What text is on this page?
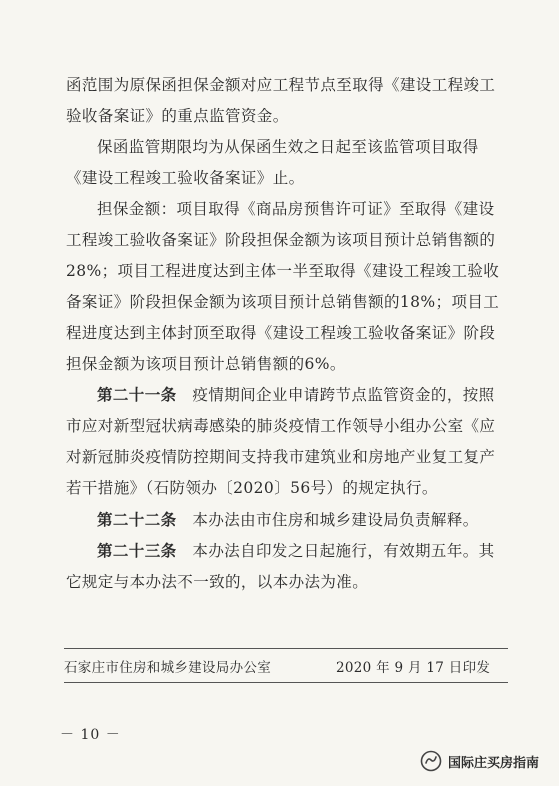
函范围为原保函担保金额对应工程节点至取得《建设工程竣工验收备案证》的重点监管资金。

保函监管期限均为从保函生效之日起至该监管项目取得《建设工程竣工验收备案证》止。

担保金额：项目取得《商品房预售许可证》至取得《建设工程竣工验收备案证》阶段担保金额为该项目预计总销售额的28%；项目工程进度达到主体一半至取得《建设工程竣工验收备案证》阶段担保金额为该项目预计总销售额的18%；项目工程进度达到主体封顶至取得《建设工程竣工验收备案证》阶段担保金额为该项目预计总销售额的6%。

第二十一条　 疫情期间企业申请跨节点监管资金的，按照市应对新型冠状病毒感染的肺炎疫情工作领导小组办公室《应对新冠肺炎疫情防控期间支持我市建筑业和房地产业复工复产若干措施》（石防领办〔2020〕56号）的规定执行。

第二十二条　 本办法由市住房和城乡建设局负责解释。

第二十三条　 本办法自印发之日起施行，有效期五年。其它规定与本办法不一致的，以本办法为准。

石家庄市住房和城乡建设局办公室	2020 年 9 月 17 日印发
－ 10 －
国际庄买房指南
